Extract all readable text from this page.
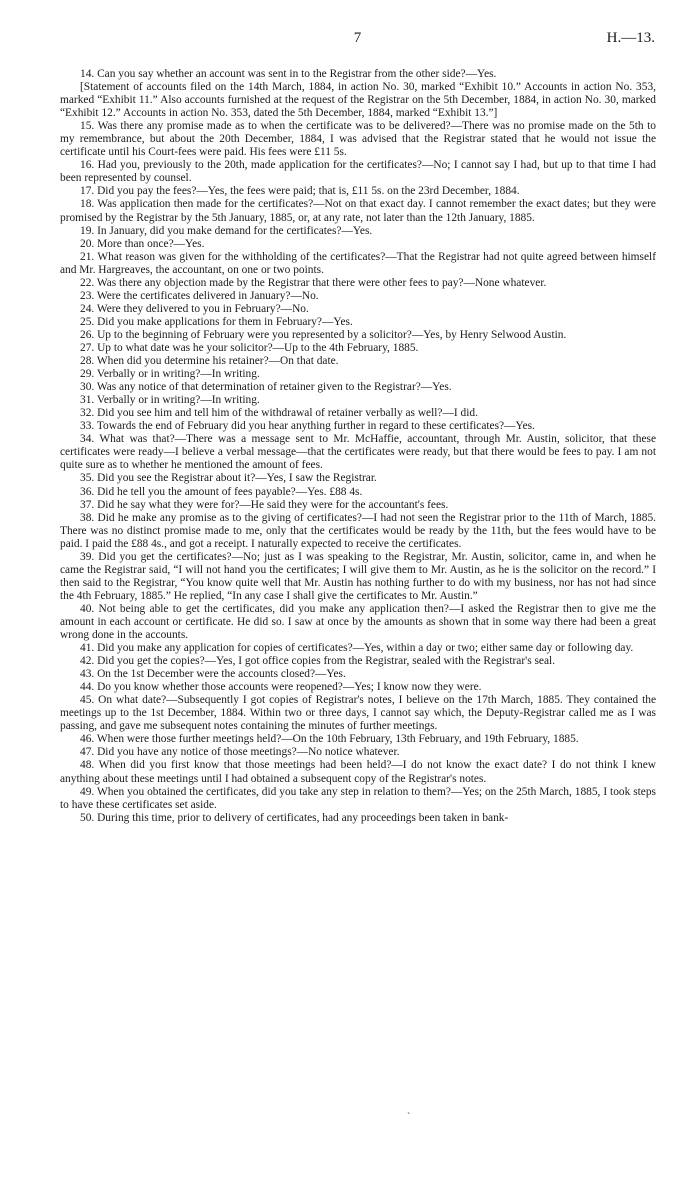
7	H.—13.

14. Can you say whether an account was sent in to the Registrar from the other side?—Yes.

[Statement of accounts filed on the 14th March, 1884, in action No. 30, marked “Exhibit 10.” Accounts in action No. 353, marked “Exhibit 11.” Also accounts furnished at the request of the Registrar on the 5th December, 1884, in action No. 30, marked “Exhibit 12.” Accounts in action No. 353, dated the 5th December, 1884, marked “Exhibit 13.”]

15. Was there any promise made as to when the certificate was to be delivered?—There was no promise made on the 5th to my remembrance, but about the 20th December, 1884, I was advised that the Registrar stated that he would not issue the certificate until his Court-fees were paid. His fees were £11 5s.

16. Had you, previously to the 20th, made application for the certificates?—No; I cannot say I had, but up to that time I had been represented by counsel.

17. Did you pay the fees?—Yes, the fees were paid; that is, £11 5s. on the 23rd December, 1884.

18. Was application then made for the certificates?—Not on that exact day. I cannot remember the exact dates; but they were promised by the Registrar by the 5th January, 1885, or, at any rate, not later than the 12th January, 1885.

19. In January, did you make demand for the certificates?—Yes.

20. More than once?—Yes.

21. What reason was given for the withholding of the certificates?—That the Registrar had not quite agreed between himself and Mr. Hargreaves, the accountant, on one or two points.

22. Was there any objection made by the Registrar that there were other fees to pay?—None whatever.

23. Were the certificates delivered in January?—No.

24. Were they delivered to you in February?—No.

25. Did you make applications for them in February?—Yes.

26. Up to the beginning of February were you represented by a solicitor?—Yes, by Henry Selwood Austin.

27. Up to what date was he your solicitor?—Up to the 4th February, 1885.

28. When did you determine his retainer?—On that date.

29. Verbally or in writing?—In writing.

30. Was any notice of that determination of retainer given to the Registrar?—Yes.

31. Verbally or in writing?—In writing.

32. Did you see him and tell him of the withdrawal of retainer verbally as well?—I did.

33. Towards the end of February did you hear anything further in regard to these certificates?—Yes.

34. What was that?—There was a message sent to Mr. McHaffie, accountant, through Mr. Austin, solicitor, that these certificates were ready—I believe a verbal message—that the certificates were ready, but that there would be fees to pay. I am not quite sure as to whether he mentioned the amount of fees.

35. Did you see the Registrar about it?—Yes, I saw the Registrar.

36. Did he tell you the amount of fees payable?—Yes. £88 4s.

37. Did he say what they were for?—He said they were for the accountant's fees.

38. Did he make any promise as to the giving of certificates?—I had not seen the Registrar prior to the 11th of March, 1885. There was no distinct promise made to me, only that the certificates would be ready by the 11th, but the fees would have to be paid. I paid the £88 4s., and got a receipt. I naturally expected to receive the certificates.

39. Did you get the certificates?—No; just as I was speaking to the Registrar, Mr. Austin, solicitor, came in, and when he came the Registrar said, “I will not hand you the certificates; I will give them to Mr. Austin, as he is the solicitor on the record.” I then said to the Registrar, “You know quite well that Mr. Austin has nothing further to do with my business, nor has not had since the 4th February, 1885.” He replied, “In any case I shall give the certificates to Mr. Austin.”

40. Not being able to get the certificates, did you make any application then?—I asked the Registrar then to give me the amount in each account or certificate. He did so. I saw at once by the amounts as shown that in some way there had been a great wrong done in the accounts.

41. Did you make any application for copies of certificates?—Yes, within a day or two; either same day or following day.

42. Did you get the copies?—Yes, I got office copies from the Registrar, sealed with the Registrar's seal.

43. On the 1st December were the accounts closed?—Yes.

44. Do you know whether those accounts were reopened?—Yes; I know now they were.

45. On what date?—Subsequently I got copies of Registrar's notes, I believe on the 17th March, 1885. They contained the meetings up to the 1st December, 1884. Within two or three days, I cannot say which, the Deputy-Registrar called me as I was passing, and gave me subsequent notes containing the minutes of further meetings.

46. When were those further meetings held?—On the 10th February, 13th February, and 19th February, 1885.

47. Did you have any notice of those meetings?—No notice whatever.

48. When did you first know that those meetings had been held?—I do not know the exact date? I do not think I knew anything about these meetings until I had obtained a subsequent copy of the Registrar's notes.

49. When you obtained the certificates, did you take any step in relation to them?—Yes; on the 25th March, 1885, I took steps to have these certificates set aside.

50. During this time, prior to delivery of certificates, had any proceedings been taken in bank-

`
